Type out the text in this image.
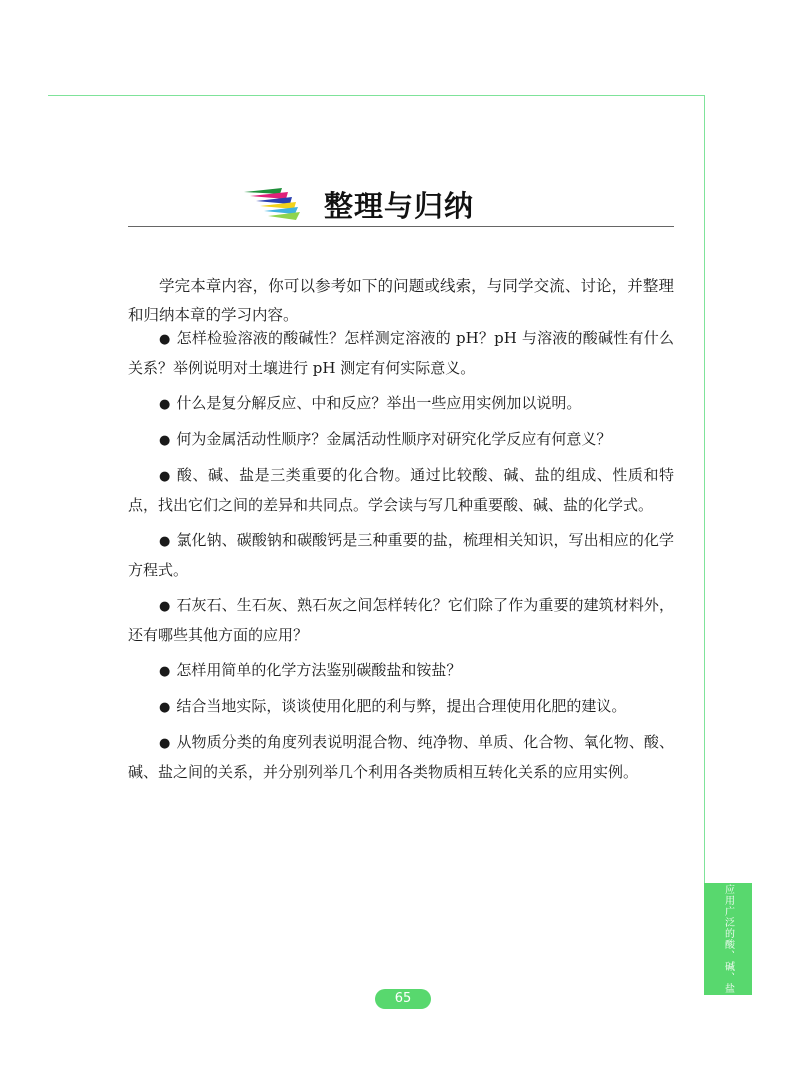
整理与归纳

学完本章内容，你可以参考如下的问题或线索，与同学交流、讨论，并整理和归纳本章的学习内容。

● 怎样检验溶液的酸碱性？怎样测定溶液的 pH？pH 与溶液的酸碱性有什么关系？举例说明对土壤进行 pH 测定有何实际意义。
● 什么是复分解反应、中和反应？举出一些应用实例加以说明。
● 何为金属活动性顺序？金属活动性顺序对研究化学反应有何意义？
● 酸、碱、盐是三类重要的化合物。通过比较酸、碱、盐的组成、性质和特点，找出它们之间的差异和共同点。学会读与写几种重要酸、碱、盐的化学式。
● 氯化钠、碳酸钠和碳酸钙是三种重要的盐，梳理相关知识，写出相应的化学方程式。
● 石灰石、生石灰、熟石灰之间怎样转化？它们除了作为重要的建筑材料外，还有哪些其他方面的应用？
● 怎样用简单的化学方法鉴别碳酸盐和铵盐？
● 结合当地实际，谈谈使用化肥的利与弊，提出合理使用化肥的建议。
● 从物质分类的角度列表说明混合物、纯净物、单质、化合物、氧化物、酸、碱、盐之间的关系，并分别列举几个利用各类物质相互转化关系的应用实例。
应用广泛的酸、碱、盐
65
